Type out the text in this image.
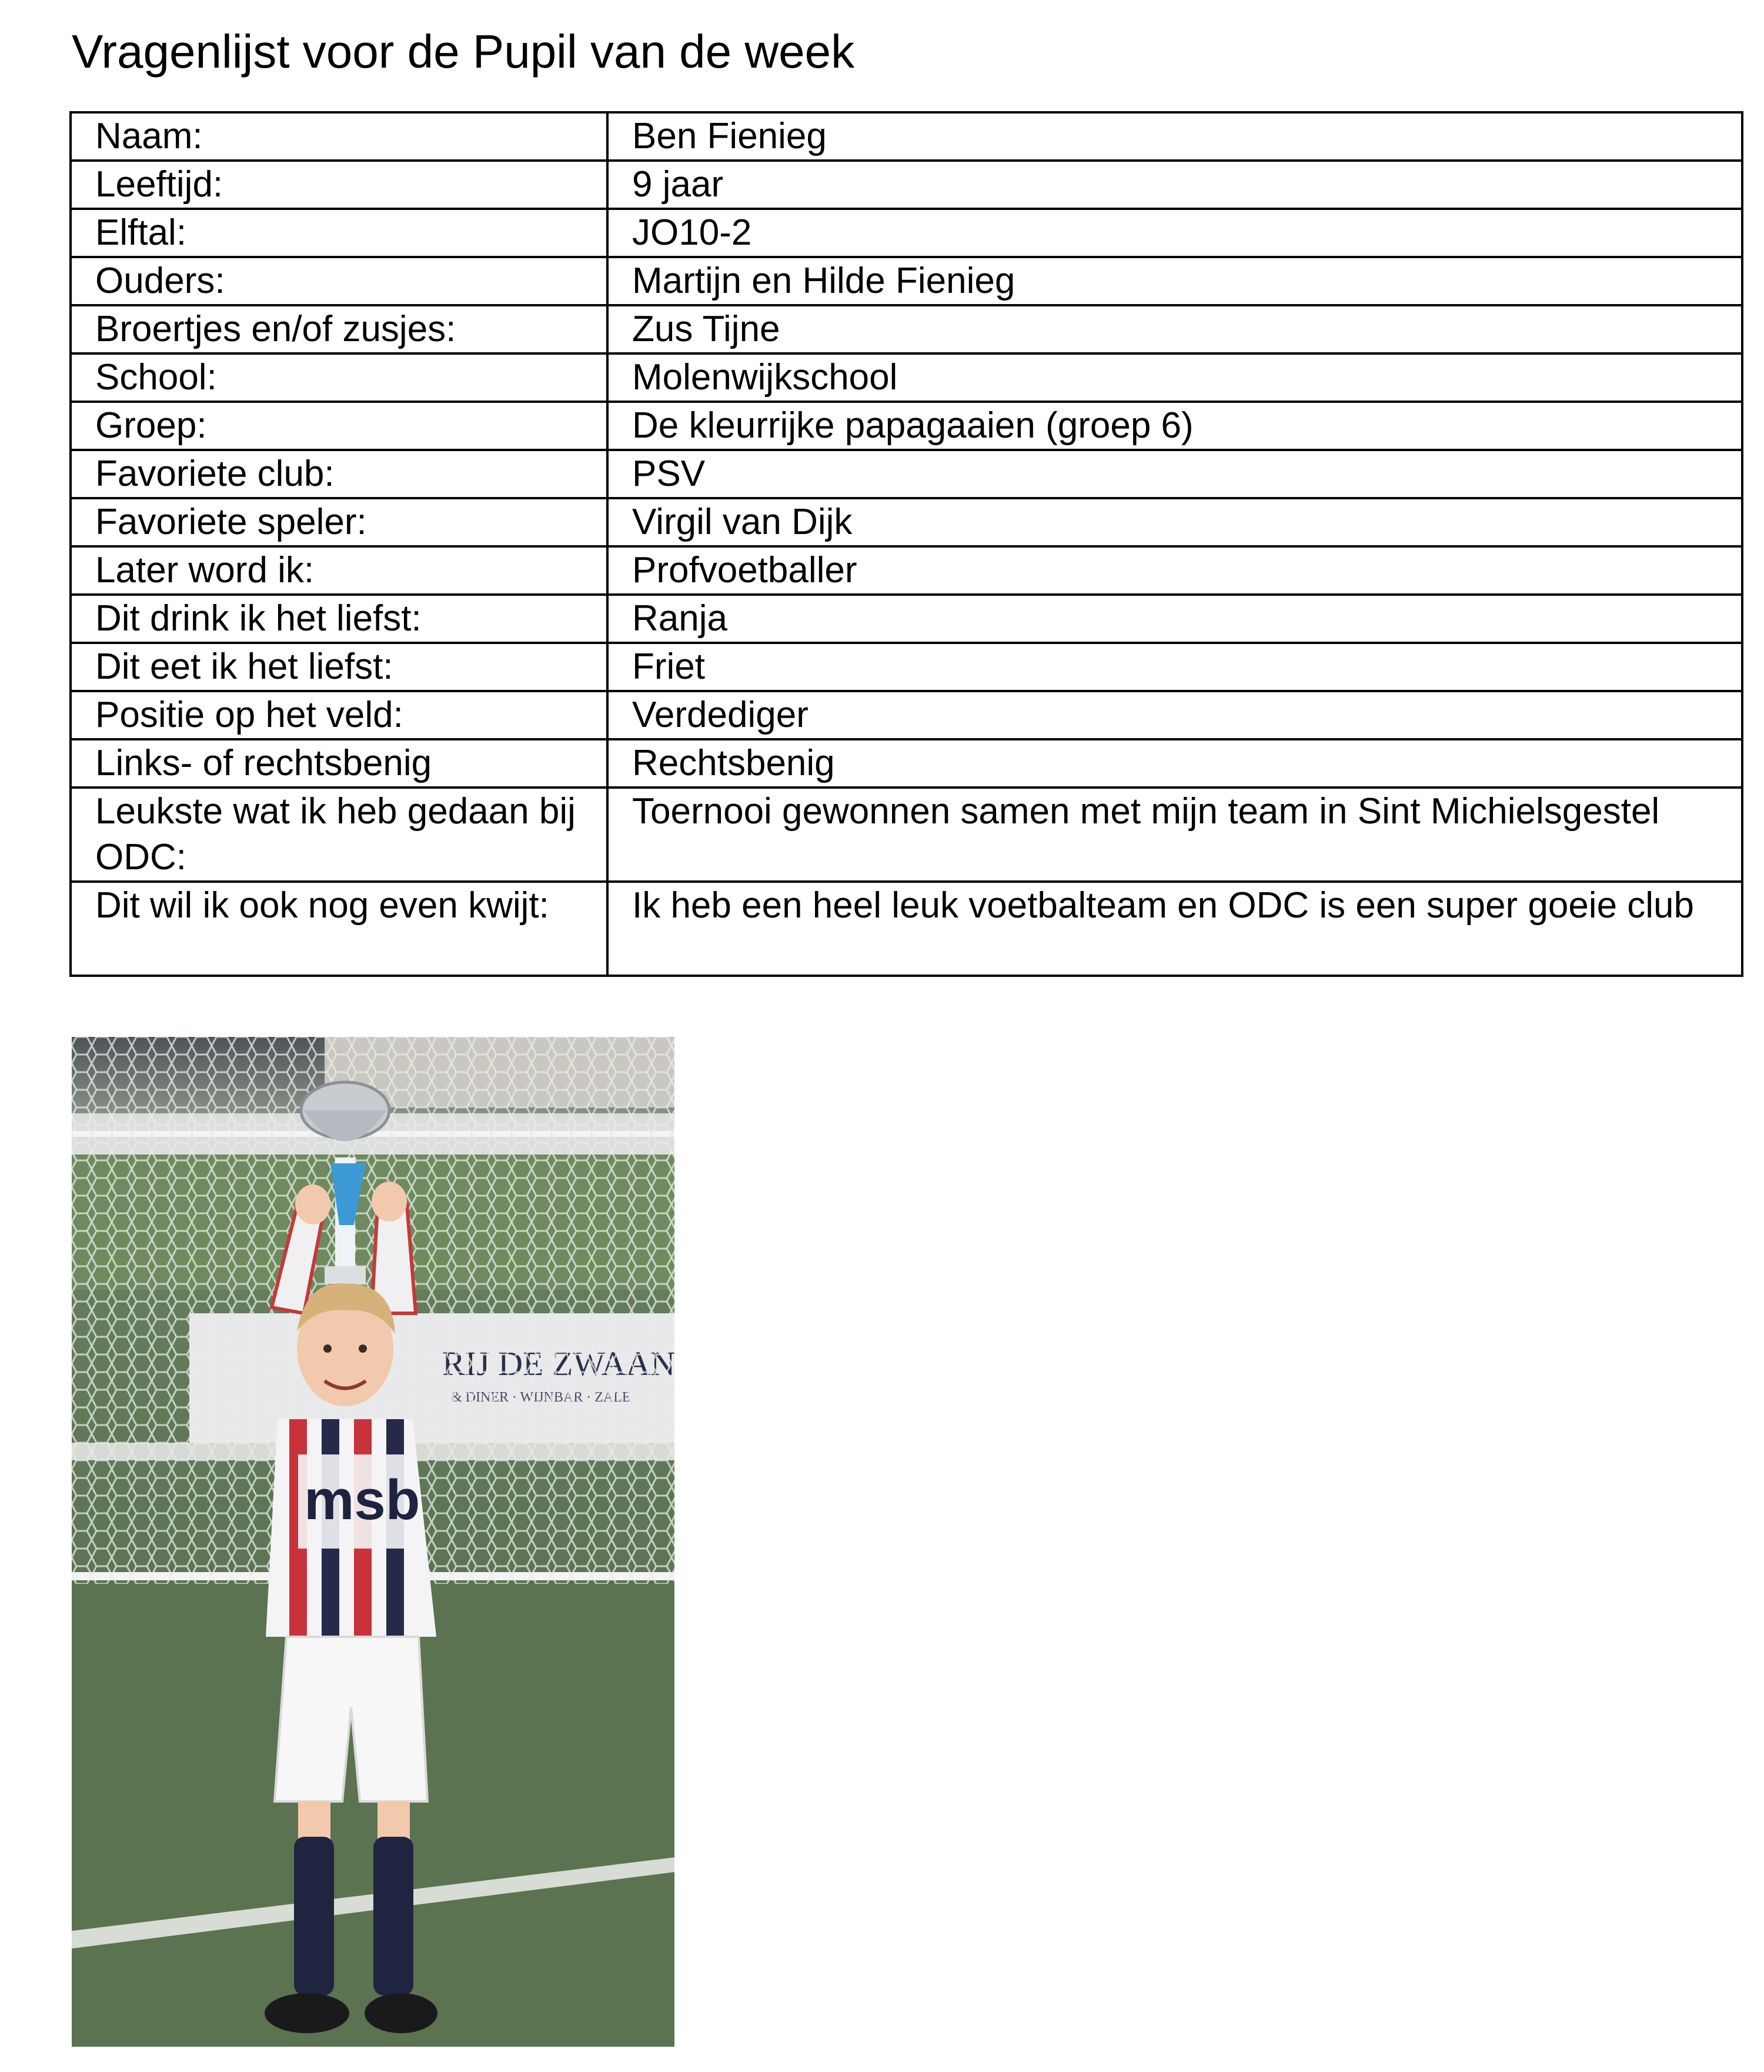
Vragenlijst voor de Pupil van de week
Naam:	Ben Fienieg
Leeftijd:	9 jaar
Elftal:	JO10-2
Ouders:	Martijn en Hilde Fienieg
Broertjes en/of zusjes:	Zus Tijne
School:	Molenwijkschool
Groep:	De kleurrijke papagaaien (groep 6)
Favoriete club:	PSV
Favoriete speler:	Virgil van Dijk
Later word ik:	Profvoetballer
Dit drink ik het liefst:	Ranja
Dit eet ik het liefst:	Friet
Positie op het veld:	Verdediger
Links- of rechtsbenig	Rechtsbenig
Leukste wat ik heb gedaan bij ODC:	Toernooi gewonnen samen met mijn team in Sint Michielsgestel
Dit wil ik ook nog even kwijt:	Ik heb een heel leuk voetbalteam en ODC is een super goeie club
msb
